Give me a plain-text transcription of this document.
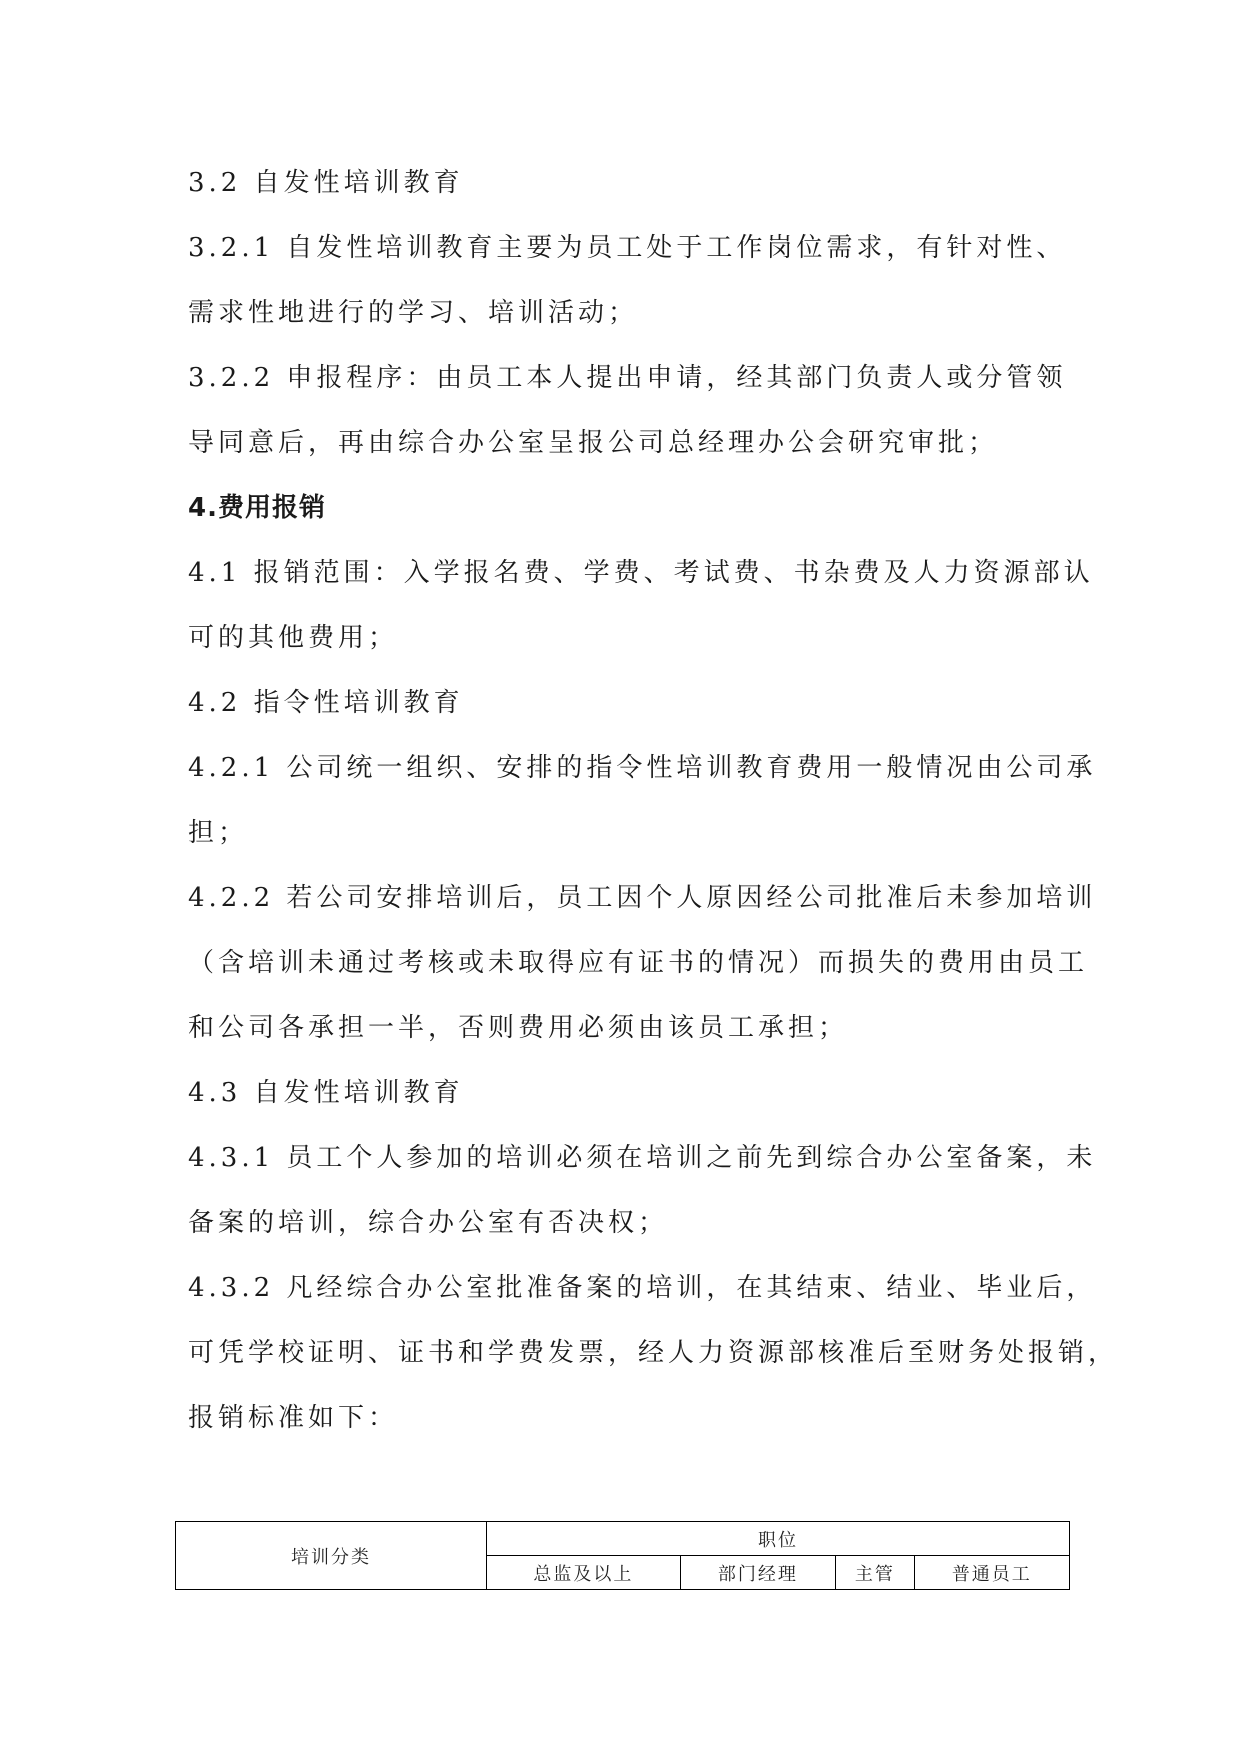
3.2 自发性培训教育
3.2.1 自发性培训教育主要为员工处于工作岗位需求，有针对性、
需求性地进行的学习、培训活动；
3.2.2 申报程序：由员工本人提出申请，经其部门负责人或分管领
导同意后，再由综合办公室呈报公司总经理办公会研究审批；
4.费用报销
4.1 报销范围：入学报名费、学费、考试费、书杂费及人力资源部认
可的其他费用；
4.2 指令性培训教育
4.2.1 公司统一组织、安排的指令性培训教育费用一般情况由公司承
担；
4.2.2 若公司安排培训后，员工因个人原因经公司批准后未参加培训
（含培训未通过考核或未取得应有证书的情况）而损失的费用由员工
和公司各承担一半，否则费用必须由该员工承担；
4.3 自发性培训教育
4.3.1 员工个人参加的培训必须在培训之前先到综合办公室备案，未
备案的培训，综合办公室有否决权；
4.3.2 凡经综合办公室批准备案的培训，在其结束、结业、毕业后，
可凭学校证明、证书和学费发票，经人力资源部核准后至财务处报销，
报销标准如下：
培训分类	职位			
	总监及以上	部门经理	主管	普通员工
